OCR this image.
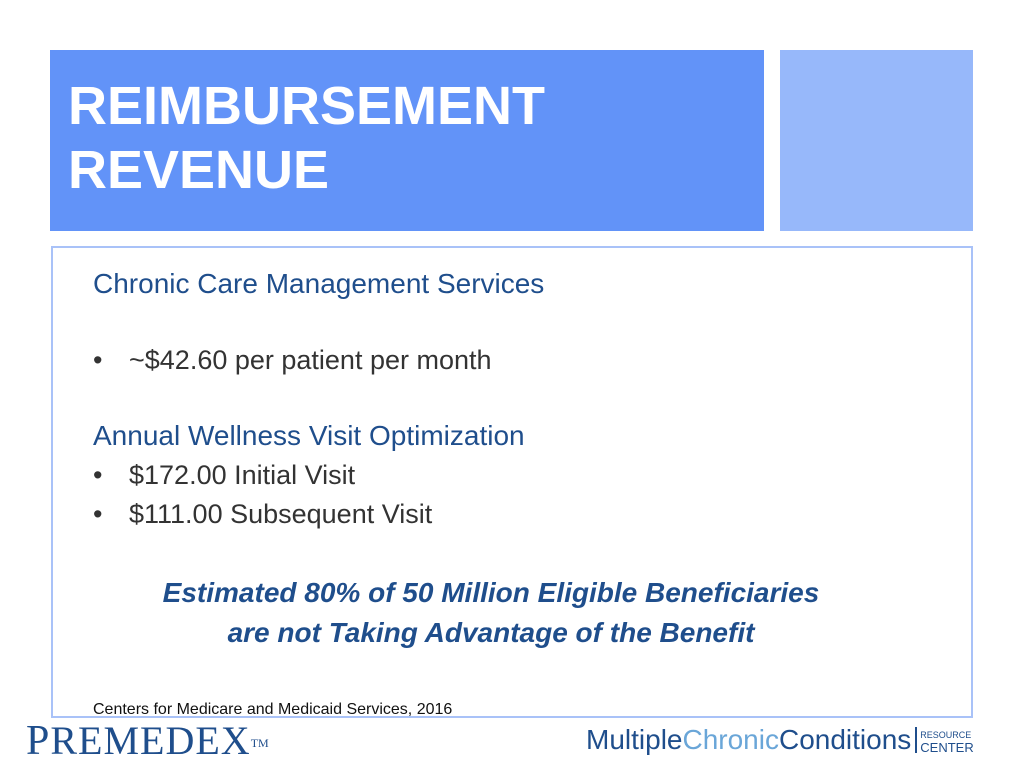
REIMBURSEMENT
REVENUE

Chronic Care Management Services

• ~$42.60 per patient per month

Annual Wellness Visit Optimization

• $172.00 Initial Visit

• $111.00 Subsequent Visit

Estimated 80% of 50 Million Eligible Beneficiaries
are not Taking Advantage of the Benefit
Centers for Medicare and Medicaid Services, 2016
PREMEDEX™	MultipleChronicConditions RESOURCE
CENTER
